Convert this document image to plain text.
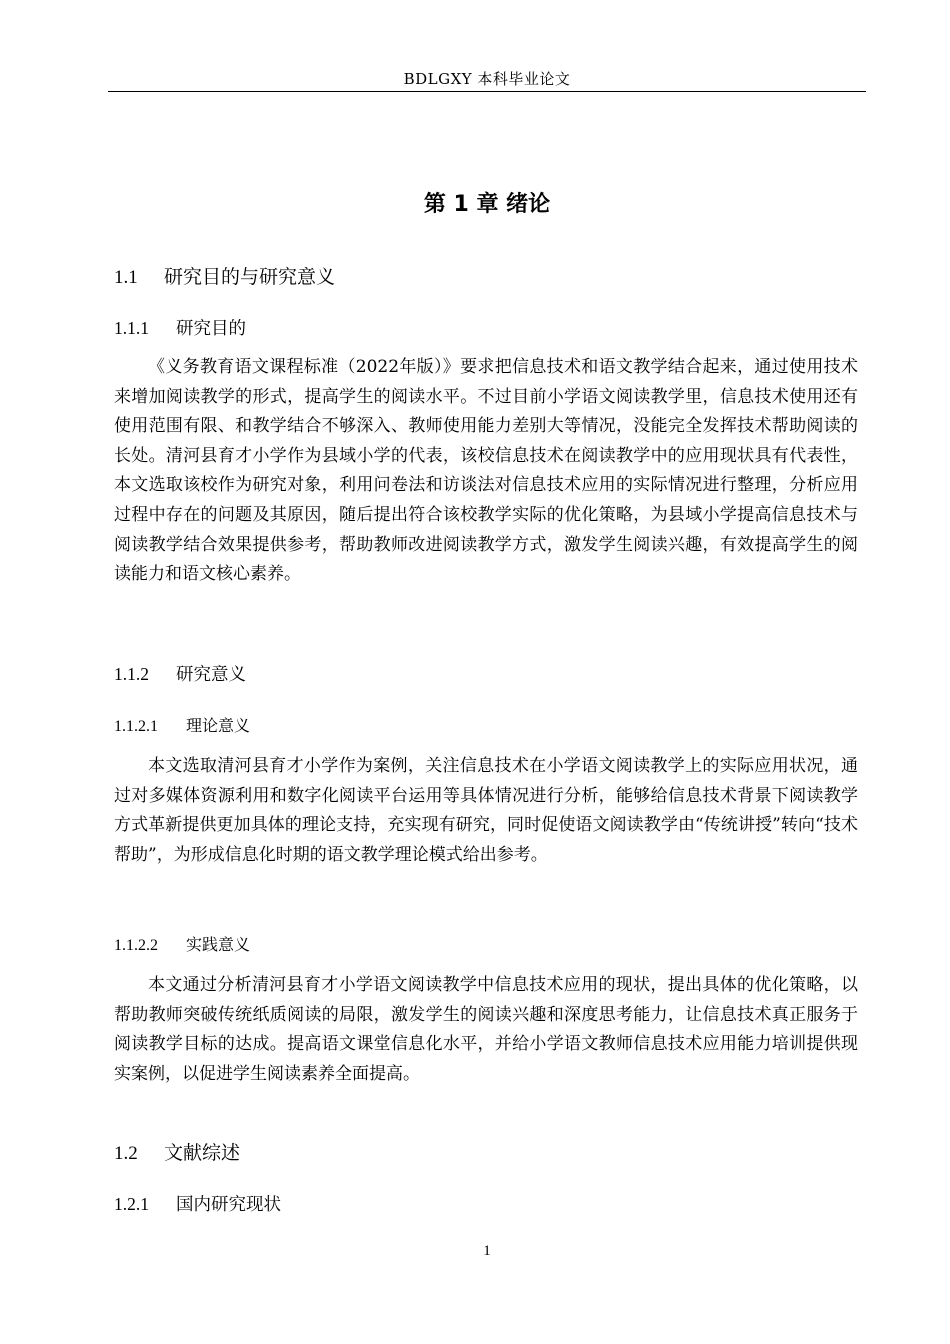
BDLGXY 本科毕业论文
第 1 章 绪论
1.1 研究目的与研究意义
1.1.1 研究目的

《义务教育语文课程标准（2022年版）》要求把信息技术和语文教学结合起来，通过使用技术来增加阅读教学的形式，提高学生的阅读水平。不过目前小学语文阅读教学里，信息技术使用还有使用范围有限、和教学结合不够深入、教师使用能力差别大等情况，没能完全发挥技术帮助阅读的长处。清河县育才小学作为县域小学的代表，该校信息技术在阅读教学中的应用现状具有代表性，本文选取该校作为研究对象，利用问卷法和访谈法对信息技术应用的实际情况进行整理，分析应用过程中存在的问题及其原因，随后提出符合该校教学实际的优化策略，为县域小学提高信息技术与阅读教学结合效果提供参考，帮助教师改进阅读教学方式，激发学生阅读兴趣，有效提高学生的阅读能力和语文核心素养。

1.1.2 研究意义
1.1.2.1 理论意义

本文选取清河县育才小学作为案例，关注信息技术在小学语文阅读教学上的实际应用状况，通过对多媒体资源利用和数字化阅读平台运用等具体情况进行分析，能够给信息技术背景下阅读教学方式革新提供更加具体的理论支持，充实现有研究，同时促使语文阅读教学由“传统讲授”转向“技术帮助”，为形成信息化时期的语文教学理论模式给出参考。

1.1.2.2 实践意义

本文通过分析清河县育才小学语文阅读教学中信息技术应用的现状，提出具体的优化策略，以帮助教师突破传统纸质阅读的局限，激发学生的阅读兴趣和深度思考能力，让信息技术真正服务于阅读教学目标的达成。提高语文课堂信息化水平，并给小学语文教师信息技术应用能力培训提供现实案例，以促进学生阅读素养全面提高。

1.2 文献综述
1.2.1 国内研究现状
1
